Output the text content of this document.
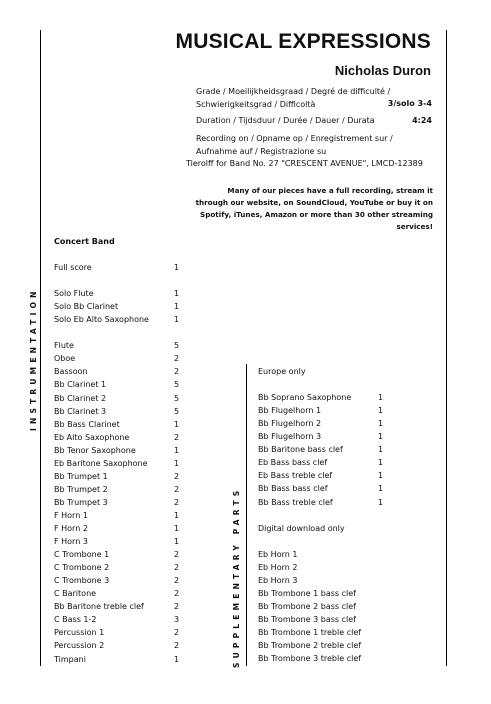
INSTRUMENTATION
SUPPLEMENTARY PARTS
MUSICAL EXPRESSIONS
Nicholas Duron
Grade / Moeilijkheidsgraad / Degré de difficulté /
Schwierigkeitsgrad / Difficoltà	3/solo 3-4
Duration / Tijdsduur / Durée / Dauer / Durata	4:24
Recording on / Opname op / Enregistrement sur /
Aufnahme auf / Registrazione su
Tierolff for Band No. 27 "CRESCENT AVENUE", LMCD-12389
Many of our pieces have a full recording, stream it through our website, on SoundCloud, YouTube or buy it on Spotify, iTunes, Amazon or more than 30 other streaming services!
Concert Band
Full score	1
Solo Flute	1
Solo Bb Clarinet	1
Solo Eb Alto Saxophone	1
Flute	5
Oboe	2
Bassoon	2
Bb Clarinet 1	5
Bb Clarinet 2	5
Bb Clarinet 3	5
Bb Bass Clarinet	1
Eb Alto Saxophone	2
Bb Tenor Saxophone	1
Eb Baritone Saxophone	1
Bb Trumpet 1	2
Bb Trumpet 2	2
Bb Trumpet 3	2
F Horn 1	1
F Horn 2	1
F Horn 3	1
C Trombone 1	2
C Trombone 2	2
C Trombone 3	2
C Baritone	2
Bb Baritone treble clef	2
C Bass 1-2	3
Percussion 1	2
Percussion 2	2
Timpani	1
Europe only
Bb Soprano Saxophone	1
Bb Flugelhorn 1	1
Bb Flugelhorn 2	1
Bb Flugelhorn 3	1
Bb Baritone bass clef	1
Eb Bass bass clef	1
Eb Bass treble clef	1
Bb Bass bass clef	1
Bb Bass treble clef	1
Digital download only
Eb Horn 1
Eb Horn 2
Eb Horn 3
Bb Trombone 1 bass clef
Bb Trombone 2 bass clef
Bb Trombone 3 bass clef
Bb Trombone 1 treble clef
Bb Trombone 2 treble clef
Bb Trombone 3 treble clef
